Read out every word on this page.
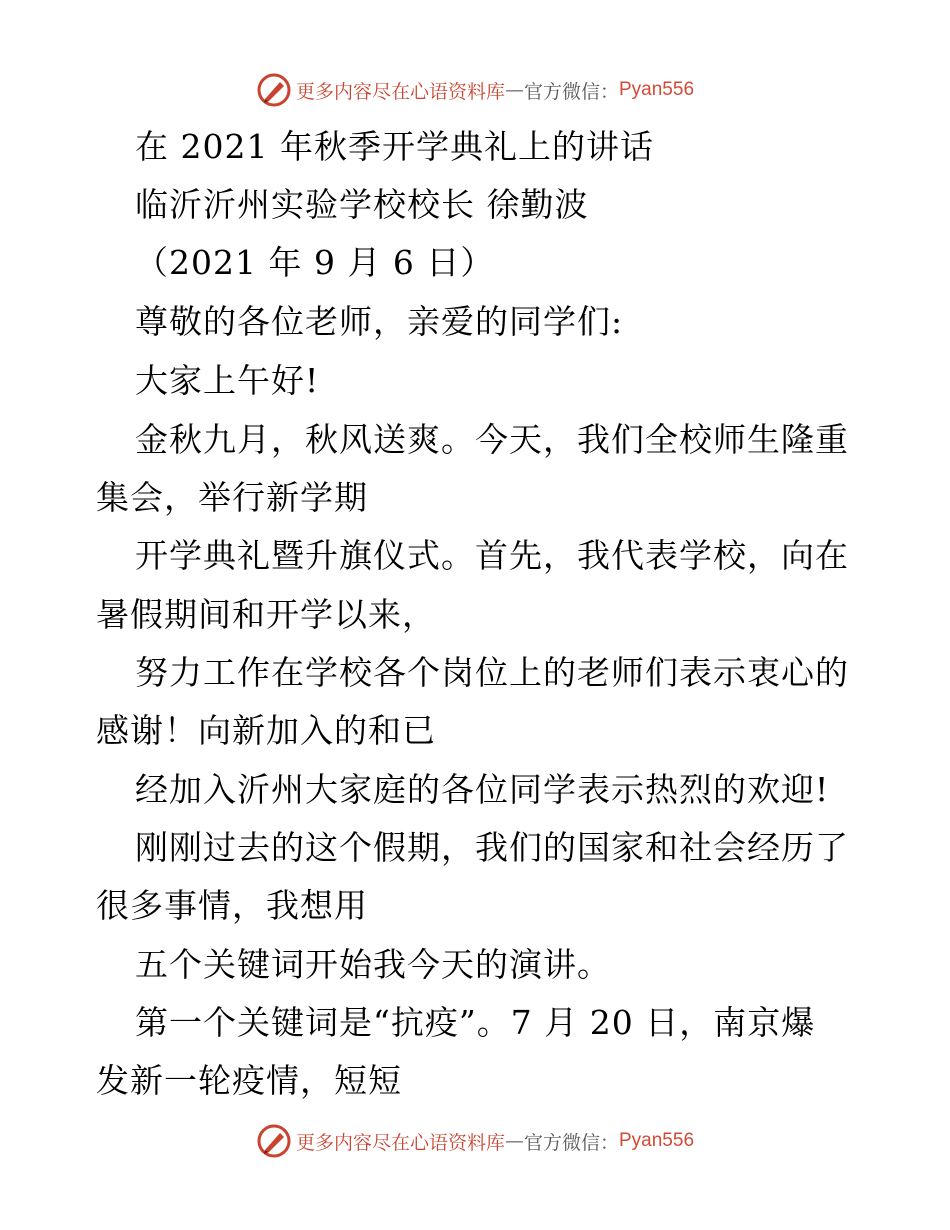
更多内容尽在心语资料库 — 官方微信： Pyan556
在 2021 年秋季开学典礼上的讲话
临沂沂州实验学校校长 徐勤波
（2021 年 9 月 6 日）
尊敬的各位老师，亲爱的同学们:
大家上午好!
金秋九月，秋风送爽。今天，我们全校师生隆重
集会，举行新学期
开学典礼暨升旗仪式。首先，我代表学校，向在
暑假期间和开学以来，
努力工作在学校各个岗位上的老师们表示衷心的
感谢！向新加入的和已
经加入沂州大家庭的各位同学表示热烈的欢迎!
刚刚过去的这个假期，我们的国家和社会经历了
很多事情，我想用
五个关键词开始我今天的演讲。
第一个关键词是“抗疫”。7 月 20 日，南京爆
发新一轮疫情，短短
更多内容尽在心语资料库 — 官方微信： Pyan556
